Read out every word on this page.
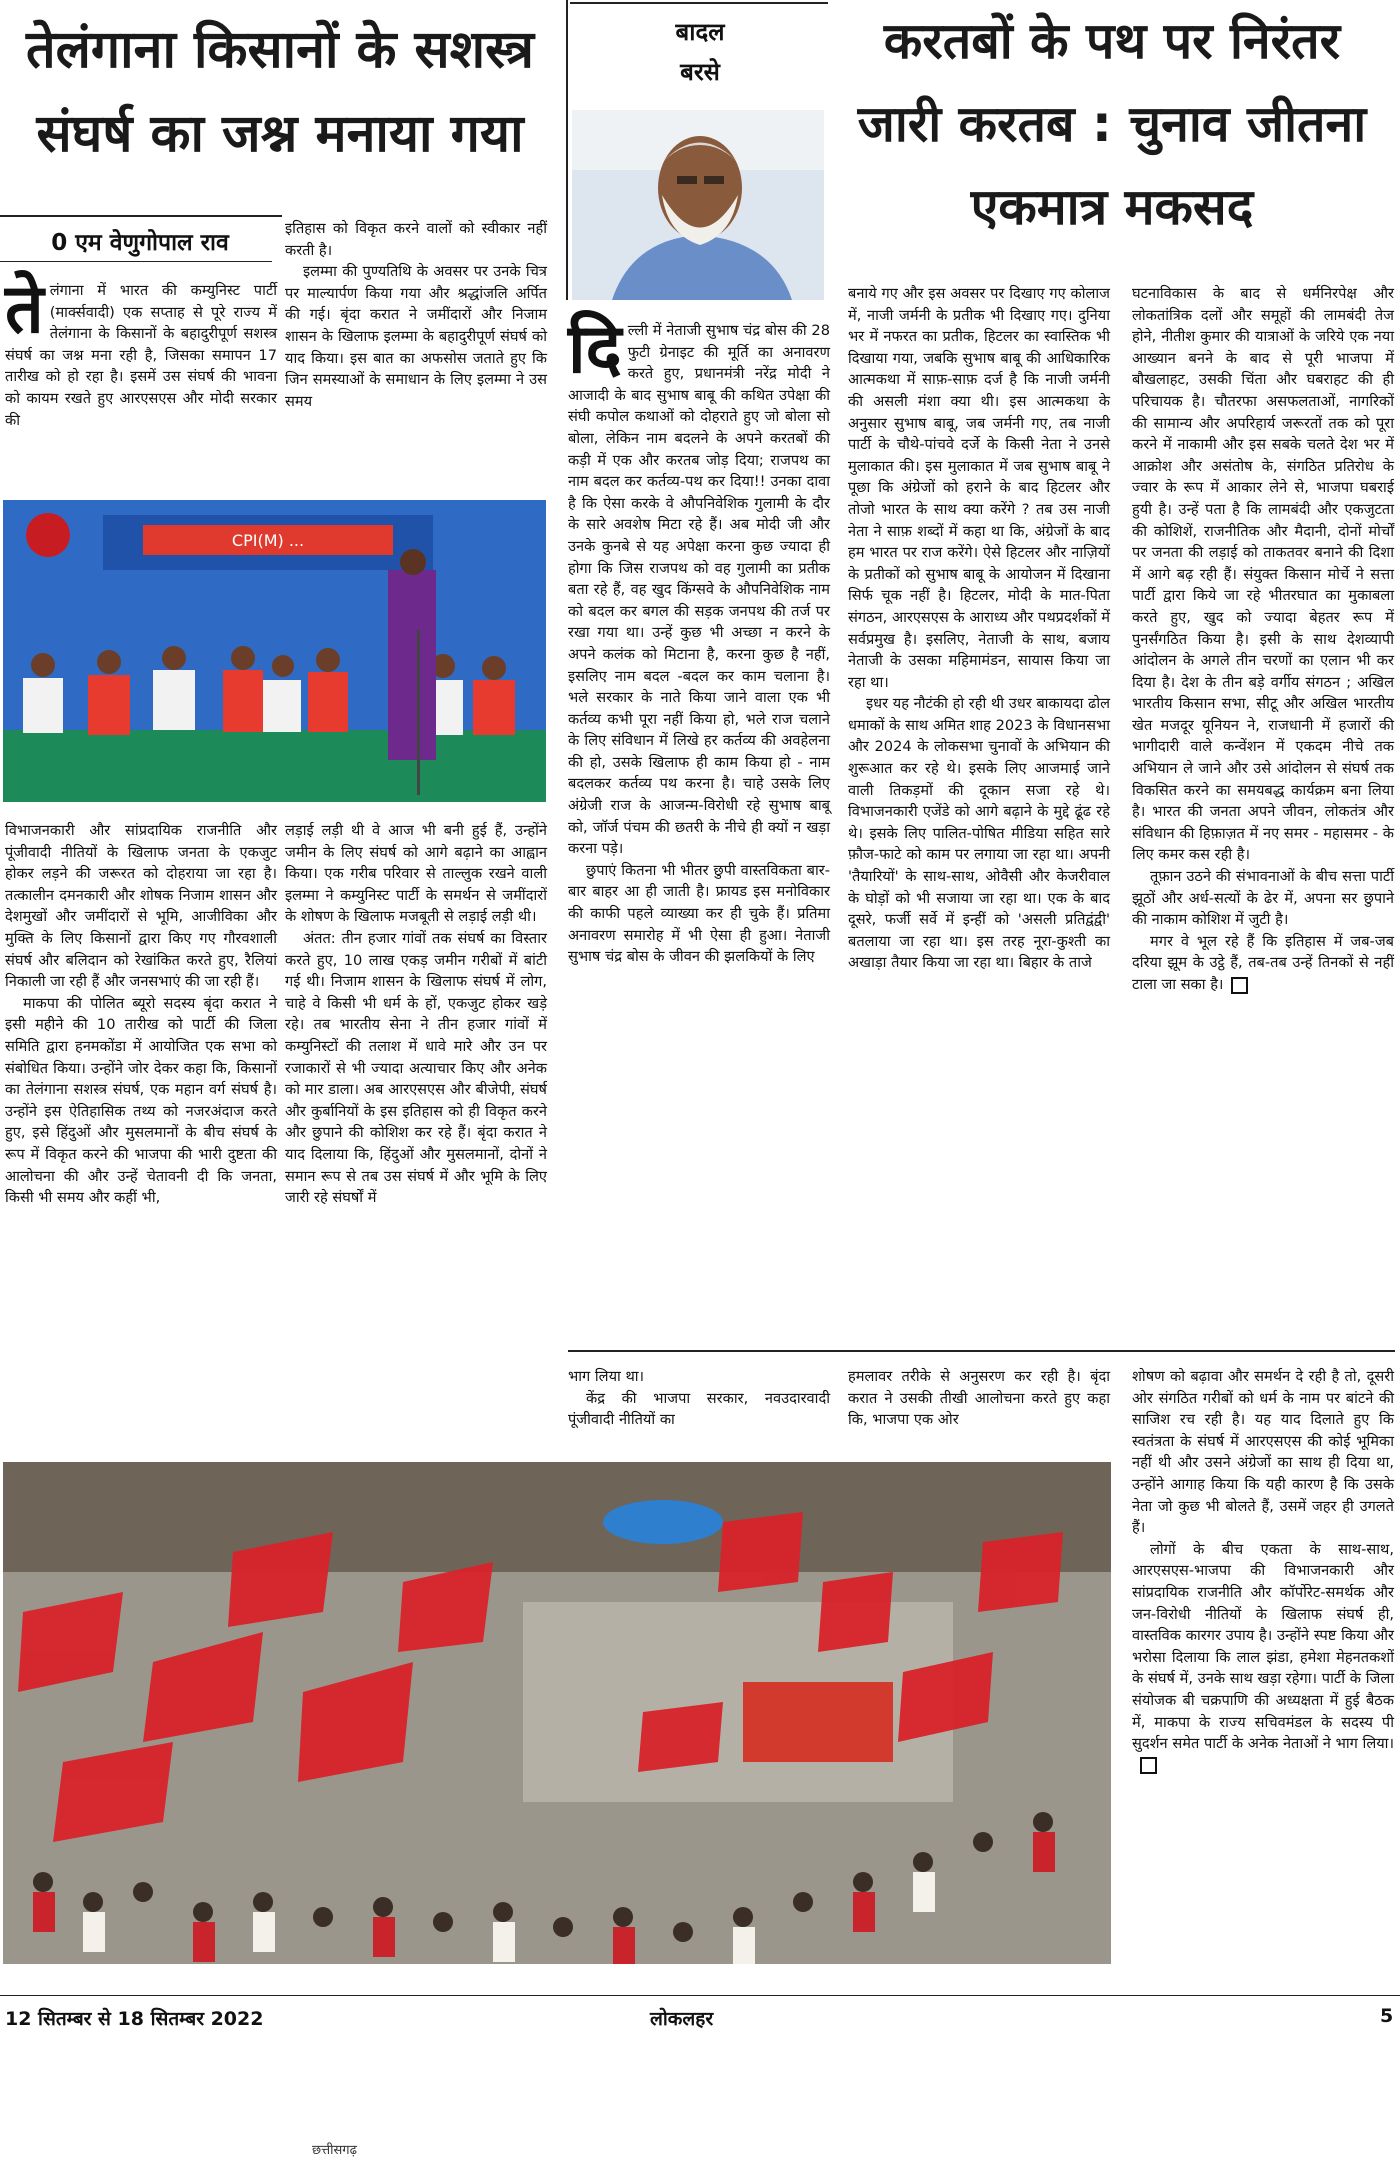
तेलंगाना किसानों के सशस्त्र संघर्ष का जश्न मनाया गया
0 एम वेणुगोपाल राव
ते लंगाना में भारत की कम्युनिस्ट पार्टी (मार्क्सवादी) एक सप्ताह से पूरे राज्य में तेलंगाना के किसानों के बहादुरीपूर्ण सशस्त्र संघर्ष का जश्न मना रही है, जिसका समापन 17 तारीख को हो रहा है। इसमें उस संघर्ष की भावना को कायम रखते हुए आरएसएस और मोदी सरकार की

इतिहास को विकृत करने वालों को स्वीकार नहीं करती है।

इलम्मा की पुण्यतिथि के अवसर पर उनके चित्र पर माल्यार्पण किया गया और श्रद्धांजलि अर्पित की गई। बृंदा करात ने जमींदारों और निजाम शासन के खिलाफ इलम्मा के बहादुरीपूर्ण संघर्ष को याद किया। इस बात का अफसोस जताते हुए कि जिन समस्याओं के समाधान के लिए इलम्मा ने उस समय

CPI(M) ...

विभाजनकारी और सांप्रदायिक राजनीति और पूंजीवादी नीतियों के खिलाफ जनता के एकजुट होकर लड़ने की जरूरत को दोहराया जा रहा है। तत्कालीन दमनकारी और शोषक निजाम शासन और देशमुखों और जमींदारों से भूमि, आजीविका और मुक्ति के लिए किसानों द्वारा किए गए गौरवशाली संघर्ष और बलिदान को रेखांकित करते हुए, रैलियां निकाली जा रही हैं और जनसभाएं की जा रही हैं।

माकपा की पोलित ब्यूरो सदस्य बृंदा करात ने इसी महीने की 10 तारीख को पार्टी की जिला समिति द्वारा हनमकोंडा में आयोजित एक सभा को संबोधित किया। उन्होंने जोर देकर कहा कि, किसानों का तेलंगाना सशस्त्र संघर्ष, एक महान वर्ग संघर्ष है। उन्होंने इस ऐतिहासिक तथ्य को नजरअंदाज करते हुए, इसे हिंदुओं और मुसलमानों के बीच संघर्ष के रूप में विकृत करने की भाजपा की भारी दुष्टता की आलोचना की और उन्हें चेतावनी दी कि जनता, किसी भी समय और कहीं भी,

लड़ाई लड़ी थी वे आज भी बनी हुई हैं, उन्होंने जमीन के लिए संघर्ष को आगे बढ़ाने का आह्वान किया। एक गरीब परिवार से ताल्लुक रखने वाली इलम्मा ने कम्युनिस्ट पार्टी के समर्थन से जमींदारों के शोषण के खिलाफ मजबूती से लड़ाई लड़ी थी।

अंतत: तीन हजार गांवों तक संघर्ष का विस्तार करते हुए, 10 लाख एकड़ जमीन गरीबों में बांटी गई थी। निजाम शासन के खिलाफ संघर्ष में लोग, चाहे वे किसी भी धर्म के हों, एकजुट होकर खड़े रहे। तब भारतीय सेना ने तीन हजार गांवों में कम्युनिस्टों की तलाश में धावे मारे और उन पर रजाकारों से भी ज्यादा अत्याचार किए और अनेक को मार डाला। अब आरएसएस और बीजेपी, संघर्ष और कुर्बानियों के इस इतिहास को ही विकृत करने और छुपाने की कोशिश कर रहे हैं। बृंदा करात ने याद दिलाया कि, हिंदुओं और मुसलमानों, दोनों ने समान रूप से तब उस संघर्ष में और भूमि के लिए जारी रहे संघर्षों में

बादल
बरसे
करतबों के पथ पर निरंतर जारी करतब : चुनाव जीतना एकमात्र मकसद
दि ल्ली में नेताजी सुभाष चंद्र बोस की 28 फुटी ग्रेनाइट की मूर्ति का अनावरण करते हुए, प्रधानमंत्री नरेंद्र मोदी ने आजादी के बाद सुभाष बाबू की कथित उपेक्षा की संघी कपोल कथाओं को दोहराते हुए जो बोला सो बोला, लेकिन नाम बदलने के अपने करतबों की कड़ी में एक और करतब जोड़ दिया; राजपथ का नाम बदल कर कर्तव्य-पथ कर दिया!! उनका दावा है कि ऐसा करके वे औपनिवेशिक गुलामी के दौर के सारे अवशेष मिटा रहे हैं। अब मोदी जी और उनके कुनबे से यह अपेक्षा करना कुछ ज्यादा ही होगा कि जिस राजपथ को वह गुलामी का प्रतीक बता रहे हैं, वह खुद किंग्सवे के औपनिवेशिक नाम को बदल कर बगल की सड़क जनपथ की तर्ज पर रखा गया था। उन्हें कुछ भी अच्छा न करने के अपने कलंक को मिटाना है, करना कुछ है नहीं, इसलिए नाम बदल -बदल कर काम चलाना है। भले सरकार के नाते किया जाने वाला एक भी कर्तव्य कभी पूरा नहीं किया हो, भले राज चलाने के लिए संविधान में लिखे हर कर्तव्य की अवहेलना की हो, उसके खिलाफ ही काम किया हो - नाम बदलकर कर्तव्य पथ करना है। चाहे उसके लिए अंग्रेजी राज के आजन्म-विरोधी रहे सुभाष बाबू को, जॉर्ज पंचम की छतरी के नीचे ही क्यों न खड़ा करना पड़े।

छुपाएं कितना भी भीतर छुपी वास्तविकता बार-बार बाहर आ ही जाती है। फ्रायड इस मनोविकार की काफी पहले व्याख्या कर ही चुके हैं। प्रतिमा अनावरण समारोह में भी ऐसा ही हुआ। नेताजी सुभाष चंद्र बोस के जीवन की झलकियों के लिए

बनाये गए और इस अवसर पर दिखाए गए कोलाज में, नाजी जर्मनी के प्रतीक भी दिखाए गए। दुनिया भर में नफरत का प्रतीक, हिटलर का स्वास्तिक भी दिखाया गया, जबकि सुभाष बाबू की आधिकारिक आत्मकथा में साफ़-साफ़ दर्ज है कि नाजी जर्मनी की असली मंशा क्या थी। इस आत्मकथा के अनुसार सुभाष बाबू, जब जर्मनी गए, तब नाजी पार्टी के चौथे-पांचवे दर्जे के किसी नेता ने उनसे मुलाकात की। इस मुलाकात में जब सुभाष बाबू ने पूछा कि अंग्रेजों को हराने के बाद हिटलर और तोजो भारत के साथ क्या करेंगे ? तब उस नाजी नेता ने साफ़ शब्दों में कहा था कि, अंग्रेजों के बाद हम भारत पर राज करेंगे। ऐसे हिटलर और नाज़ियों के प्रतीकों को सुभाष बाबू के आयोजन में दिखाना सिर्फ चूक नहीं है। हिटलर, मोदी के मात-पिता संगठन, आरएसएस के आराध्य और पथप्रदर्शकों में सर्वप्रमुख है। इसलिए, नेताजी के साथ, बजाय नेताजी के उसका महिमामंडन, सायास किया जा रहा था।

इधर यह नौटंकी हो रही थी उधर बाकायदा ढोल धमाकों के साथ अमित शाह 2023 के विधानसभा और 2024 के लोकसभा चुनावों के अभियान की शुरूआत कर रहे थे। इसके लिए आजमाई जाने वाली तिकड़मों की दूकान सजा रहे थे। विभाजनकारी एजेंडे को आगे बढ़ाने के मुद्दे ढूंढ रहे थे। इसके लिए पालित-पोषित मीडिया सहित सारे फ़ौज-फाटे को काम पर लगाया जा रहा था। अपनी 'तैयारियों' के साथ-साथ, ओवैसी और केजरीवाल के घोड़ों को भी सजाया जा रहा था। एक के बाद दूसरे, फर्जी सर्वे में इन्हीं को 'असली प्रतिद्वंद्वी' बतलाया जा रहा था। इस तरह नूरा-कुश्ती का अखाड़ा तैयार किया जा रहा था। बिहार के ताजे

घटनाविकास के बाद से धर्मनिरपेक्ष और लोकतांत्रिक दलों और समूहों की लामबंदी तेज होने, नीतीश कुमार की यात्राओं के जरिये एक नया आख्यान बनने के बाद से पूरी भाजपा में बौखलाहट, उसकी चिंता और घबराहट की ही परिचायक है। चौतरफा असफलताओं, नागरिकों की सामान्य और अपरिहार्य जरूरतों तक को पूरा करने में नाकामी और इस सबके चलते देश भर में आक्रोश और असंतोष के, संगठित प्रतिरोध के ज्वार के रूप में आकार लेने से, भाजपा घबराई हुयी है। उन्हें पता है कि लामबंदी और एकजुटता की कोशिशें, राजनीतिक और मैदानी, दोनों मोर्चों पर जनता की लड़ाई को ताकतवर बनाने की दिशा में आगे बढ़ रही हैं। संयुक्त किसान मोर्चे ने सत्ता पार्टी द्वारा किये जा रहे भीतरघात का मुकाबला करते हुए, खुद को ज्यादा बेहतर रूप में पुनर्संगठित किया है। इसी के साथ देशव्यापी आंदोलन के अगले तीन चरणों का एलान भी कर दिया है। देश के तीन बड़े वर्गीय संगठन ; अखिल भारतीय किसान सभा, सीटू और अखिल भारतीय खेत मजदूर यूनियन ने, राजधानी में हजारों की भागीदारी वाले कन्वेंशन में एकदम नीचे तक अभियान ले जाने और उसे आंदोलन से संघर्ष तक विकसित करने का समयबद्ध कार्यक्रम बना लिया है। भारत की जनता अपने जीवन, लोकतंत्र और संविधान की हिफ़ाज़त में नए समर - महासमर - के लिए कमर कस रही है।

तूफ़ान उठने की संभावनाओं के बीच सत्ता पार्टी झूठों और अर्ध-सत्यों के ढेर में, अपना सर छुपाने की नाकाम कोशिश में जुटी है।

मगर वे भूल रहे हैं कि इतिहास में जब-जब दरिया झूम के उट्ठे हैं, तब-तब उन्हें तिनकों से नहीं टाला जा सका है।

भाग लिया था।

केंद्र की भाजपा सरकार, नवउदारवादी पूंजीवादी नीतियों का

हमलावर तरीके से अनुसरण कर रही है। बृंदा करात ने उसकी तीखी आलोचना करते हुए कहा कि, भाजपा एक ओर

शोषण को बढ़ावा और समर्थन दे रही है तो, दूसरी ओर संगठित गरीबों को धर्म के नाम पर बांटने की साजिश रच रही है। यह याद दिलाते हुए कि स्वतंत्रता के संघर्ष में आरएसएस की कोई भूमिका नहीं थी और उसने अंग्रेजों का साथ ही दिया था, उन्होंने आगाह किया कि यही कारण है कि उसके नेता जो कुछ भी बोलते हैं, उसमें जहर ही उगलते हैं।

लोगों के बीच एकता के साथ-साथ, आरएसएस-भाजपा की विभाजनकारी और सांप्रदायिक राजनीति और कॉर्पोरेट-समर्थक और जन-विरोधी नीतियों के खिलाफ संघर्ष ही, वास्तविक कारगर उपाय है। उन्होंने स्पष्ट किया और भरोसा दिलाया कि लाल झंडा, हमेशा मेहनतकशों के संघर्ष में, उनके साथ खड़ा रहेगा। पार्टी के जिला संयोजक बी चक्रपाणि की अध्यक्षता में हुई बैठक में, माकपा के राज्य सचिवमंडल के सदस्य पी सुदर्शन समेत पार्टी के अनेक नेताओं ने भाग लिया।

12 सितम्बर से 18 सितम्बर 2022	लोकलहर	5
छत्तीसगढ़
